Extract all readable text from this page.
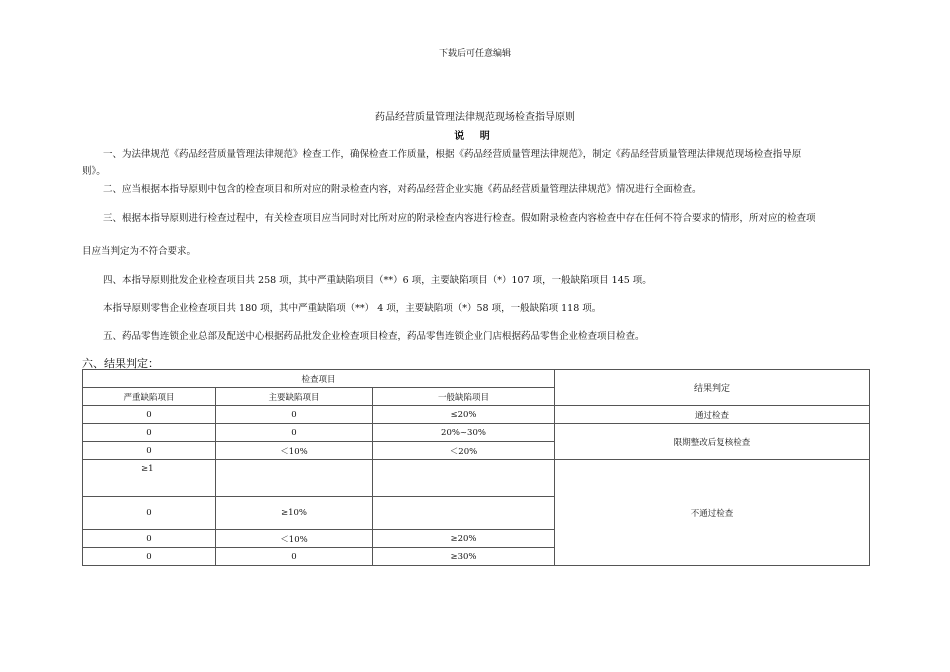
下载后可任意编辑
药品经营质量管理法律规范现场检查指导原则
说 明
一、为法律规范《药品经营质量管理法律规范》检查工作，确保检查工作质量，根据《药品经营质量管理法律规范》，制定《药品经营质量管理法律规范现场检查指导原
则》。
二、应当根据本指导原则中包含的检查项目和所对应的附录检查内容，对药品经营企业实施《药品经营质量管理法律规范》情况进行全面检查。
三、根据本指导原则进行检查过程中，有关检查项目应当同时对比所对应的附录检查内容进行检查。假如附录检查内容检查中存在任何不符合要求的情形，所对应的检查项
目应当判定为不符合要求。
四、本指导原则批发企业检查项目共 258 项，其中严重缺陷项目（**）6 项，主要缺陷项目（*）107 项，一般缺陷项目 145 项。
本指导原则零售企业检查项目共 180 项，其中严重缺陷项（**） 4 项，主要缺陷项（*）58 项，一般缺陷项 118 项。
五、药品零售连锁企业总部及配送中心根据药品批发企业检查项目检查，药品零售连锁企业门店根据药品零售企业检查项目检查。
六、结果判定：
检查项目			结果判定
严重缺陷项目	主要缺陷项目	一般缺陷项目	
0	0	≤20%	通过检查
0	0	20%~30%	限期整改后复核检查
0	＜10%	＜20%	
≥1			不通过检查
0	≥10%		
0	＜10%	≥20%	
0	0	≥30%	
